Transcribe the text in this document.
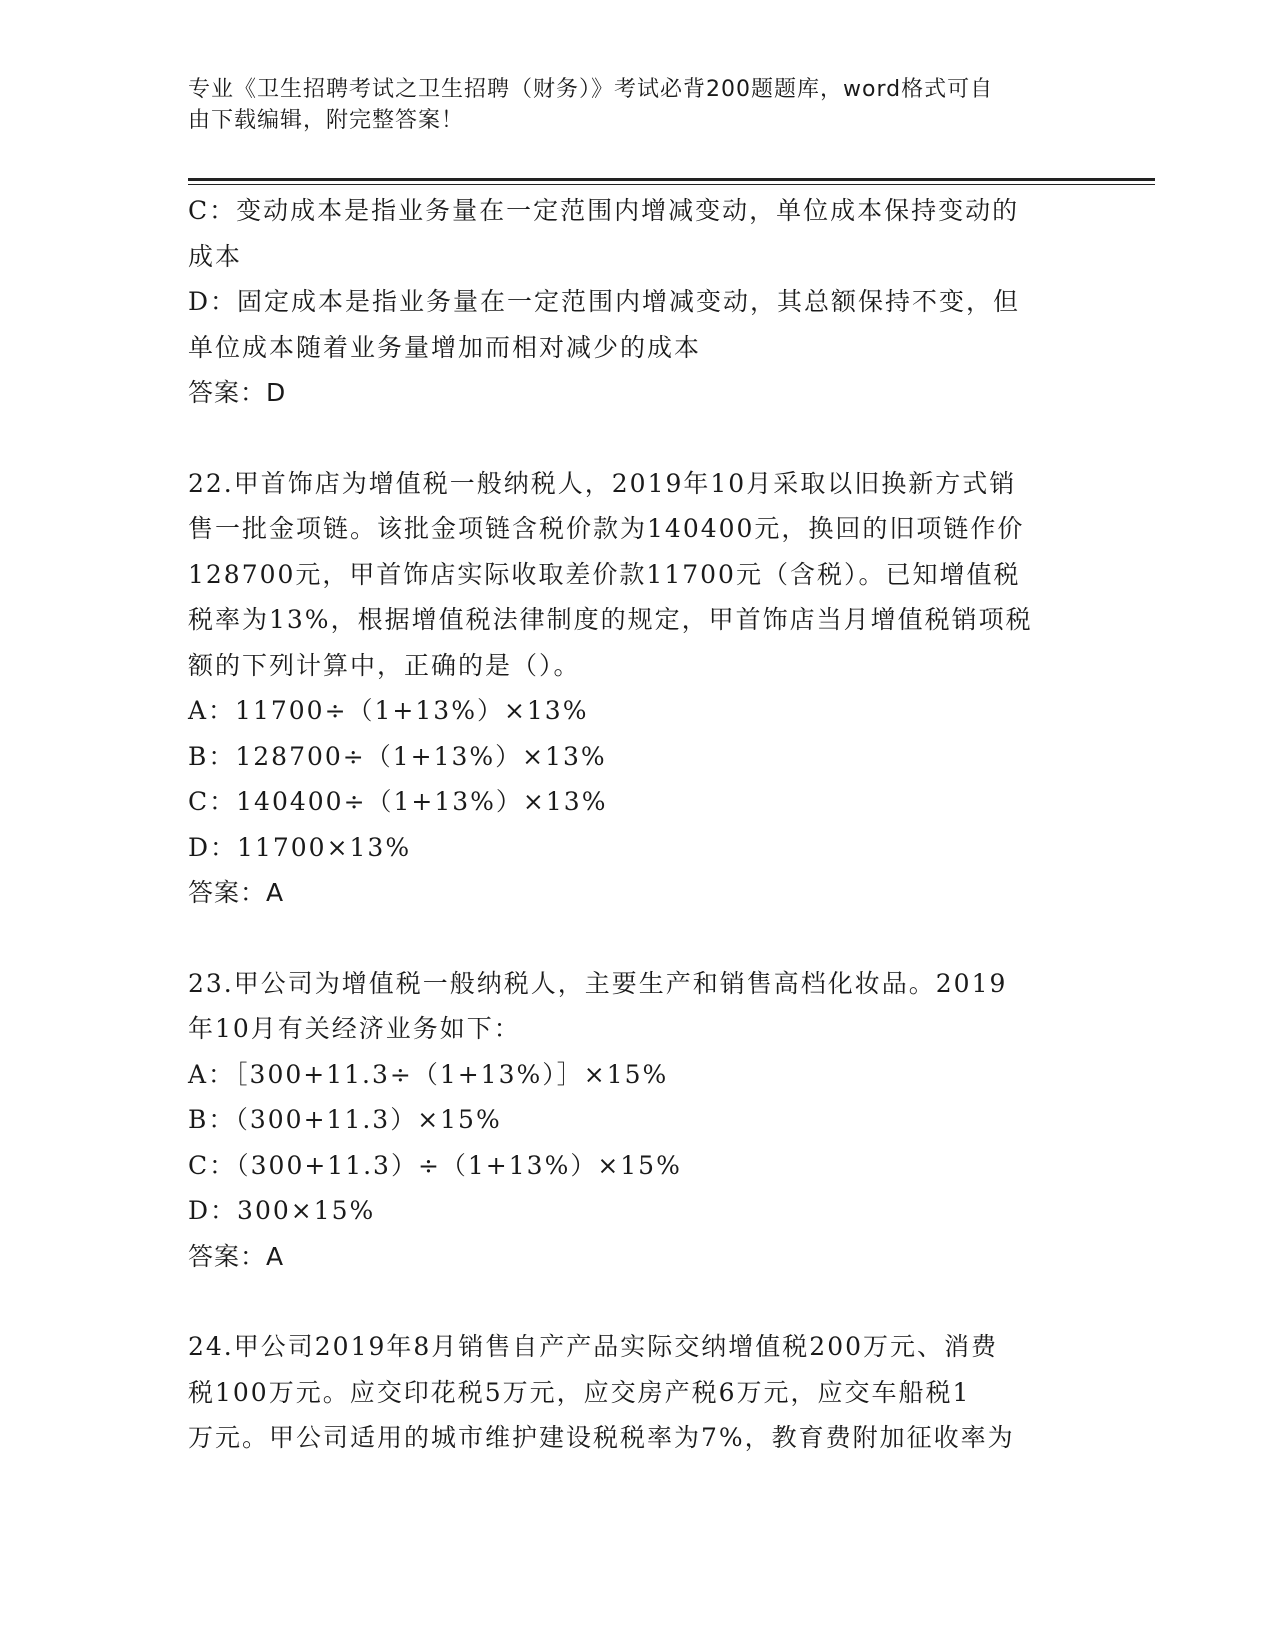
专业《卫生招聘考试之卫生招聘（财务）》考试必背200题题库，word格式可自
由下载编辑，附完整答案！

C：变动成本是指业务量在一定范围内增减变动，单位成本保持变动的

成本

D：固定成本是指业务量在一定范围内增减变动，其总额保持不变，但

单位成本随着业务量增加而相对减少的成本

答案：D

22.甲首饰店为增值税一般纳税人，2019年10月采取以旧换新方式销

售一批金项链。该批金项链含税价款为140400元，换回的旧项链作价

128700元，甲首饰店实际收取差价款11700元（含税）。已知增值税

税率为13%，根据增值税法律制度的规定，甲首饰店当月增值税销项税

额的下列计算中，正确的是（）。

A：11700÷（1+13%）×13%

B：128700÷（1+13%）×13%

C：140400÷（1+13%）×13%

D：11700×13%

答案：A

23.甲公司为增值税一般纳税人，主要生产和销售高档化妆品。2019

年10月有关经济业务如下：

A：［300+11.3÷（1+13%）］×15%

B：（300+11.3）×15%

C：（300+11.3）÷（1+13%）×15%

D：300×15%

答案：A

24.甲公司2019年8月销售自产产品实际交纳增值税200万元、消费

税100万元。应交印花税5万元，应交房产税6万元，应交车船税1

万元。甲公司适用的城市维护建设税税率为7%，教育费附加征收率为
